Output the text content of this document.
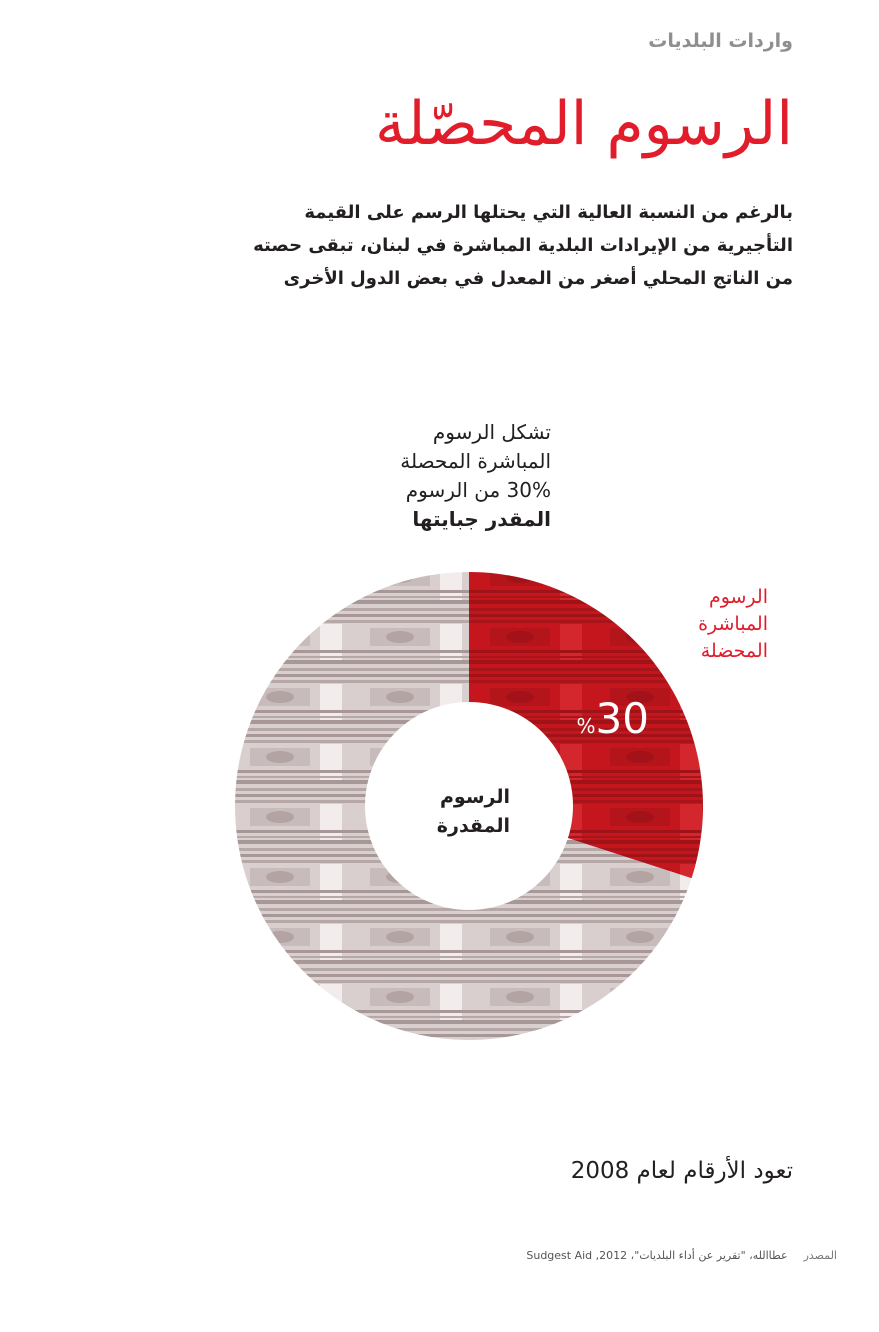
واردات البلديات
الرسوم المحصّلة
بالرغم من النسبة العالية التي يحتلها الرسم على القيمة
التأجيرية من الإيرادات البلدية المباشرة في لبنان، تبقى حصته
من الناتج المحلي أصغر من المعدل في بعض الدول الأخرى
تشكل الرسوم
المباشرة المحصلة
30% من الرسوم
المقدر جبايتها
%30
الرسوم
المقدرة
الرسوم
المباشرة
المحضلة
تعود الأرقام لعام 2008
المصدر
عطاالله، "تقرير عن أداء البلديات"، Sudgest Aid ,2012
